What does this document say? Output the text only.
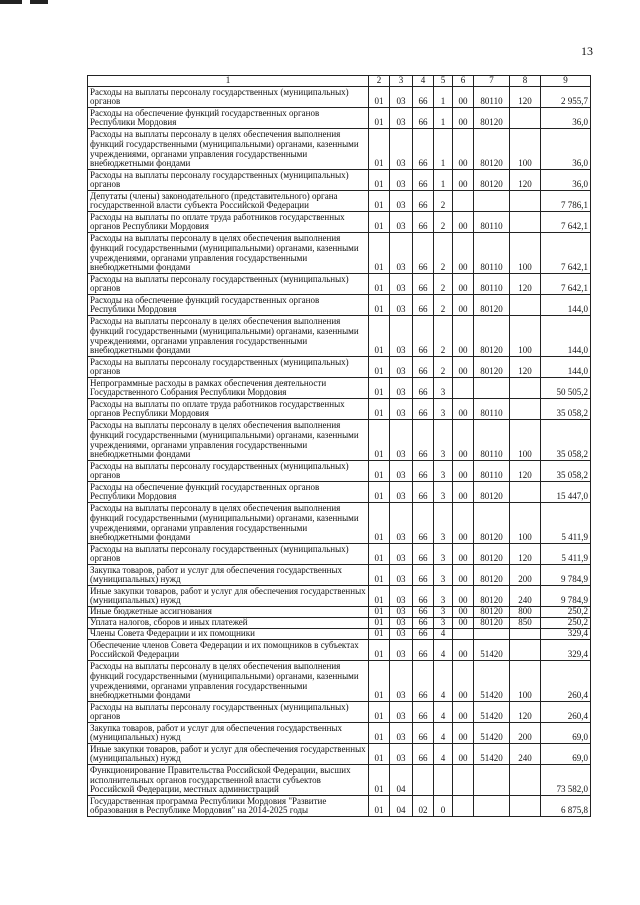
13
1	2	3	4	5	6	7	8	9
Расходы на выплаты персоналу государственных (муниципальных) органов	01	03	66	1	00	80110	120	2 955,7
Расходы на обеспечение функций государственных органов Республики Мордовия	01	03	66	1	00	80120		36,0
Расходы на выплаты персоналу в целях обеспечения выполнения функций государственными (муниципальными) органами, казенными учреждениями, органами управления государственными внебюджетными фондами	01	03	66	1	00	80120	100	36,0
Расходы на выплаты персоналу государственных (муниципальных) органов	01	03	66	1	00	80120	120	36,0
Депутаты (члены) законодательного (представительного) органа государственной власти субъекта Российской Федерации	01	03	66	2				7 786,1
Расходы на выплаты по оплате труда работников государственных органов Республики Мордовия	01	03	66	2	00	80110		7 642,1
Расходы на выплаты персоналу в целях обеспечения выполнения функций государственными (муниципальными) органами, казенными учреждениями, органами управления государственными внебюджетными фондами	01	03	66	2	00	80110	100	7 642,1
Расходы на выплаты персоналу государственных (муниципальных) органов	01	03	66	2	00	80110	120	7 642,1
Расходы на обеспечение функций государственных органов Республики Мордовия	01	03	66	2	00	80120		144,0
Расходы на выплаты персоналу в целях обеспечения выполнения функций государственными (муниципальными) органами, казенными учреждениями, органами управления государственными внебюджетными фондами	01	03	66	2	00	80120	100	144,0
Расходы на выплаты персоналу государственных (муниципальных) органов	01	03	66	2	00	80120	120	144,0
Непрограммные расходы в рамках обеспечения деятельности Государственного Собрания Республики Мордовия	01	03	66	3				50 505,2
Расходы на выплаты по оплате труда работников государственных органов Республики Мордовия	01	03	66	3	00	80110		35 058,2
Расходы на выплаты персоналу в целях обеспечения выполнения функций государственными (муниципальными) органами, казенными учреждениями, органами управления государственными внебюджетными фондами	01	03	66	3	00	80110	100	35 058,2
Расходы на выплаты персоналу государственных (муниципальных) органов	01	03	66	3	00	80110	120	35 058,2
Расходы на обеспечение функций государственных органов Республики Мордовия	01	03	66	3	00	80120		15 447,0
Расходы на выплаты персоналу в целях обеспечения выполнения функций государственными (муниципальными) органами, казенными учреждениями, органами управления государственными внебюджетными фондами	01	03	66	3	00	80120	100	5 411,9
Расходы на выплаты персоналу государственных (муниципальных) органов	01	03	66	3	00	80120	120	5 411,9
Закупка товаров, работ и услуг для обеспечения государственных (муниципальных) нужд	01	03	66	3	00	80120	200	9 784,9
Иные закупки товаров, работ и услуг для обеспечения государственных (муниципальных) нужд	01	03	66	3	00	80120	240	9 784,9
Иные бюджетные ассигнования	01	03	66	3	00	80120	800	250,2
Уплата налогов, сборов и иных платежей	01	03	66	3	00	80120	850	250,2
Члены Совета Федерации и их помощники	01	03	66	4				329,4
Обеспечение членов Совета Федерации и их помощников в субъектах Российской Федерации	01	03	66	4	00	51420		329,4
Расходы на выплаты персоналу в целях обеспечения выполнения функций государственными (муниципальными) органами, казенными учреждениями, органами управления государственными внебюджетными фондами	01	03	66	4	00	51420	100	260,4
Расходы на выплаты персоналу государственных (муниципальных) органов	01	03	66	4	00	51420	120	260,4
Закупка товаров, работ и услуг для обеспечения государственных (муниципальных) нужд	01	03	66	4	00	51420	200	69,0
Иные закупки товаров, работ и услуг для обеспечения государственных (муниципальных) нужд	01	03	66	4	00	51420	240	69,0
Функционирование Правительства Российской Федерации, высших исполнительных органов государственной власти субъектов Российской Федерации, местных администраций	01	04						73 582,0
Государственная программа Республики Мордовия "Развитие образования в Республике Мордовия" на 2014-2025 годы	01	04	02	0				6 875,8
